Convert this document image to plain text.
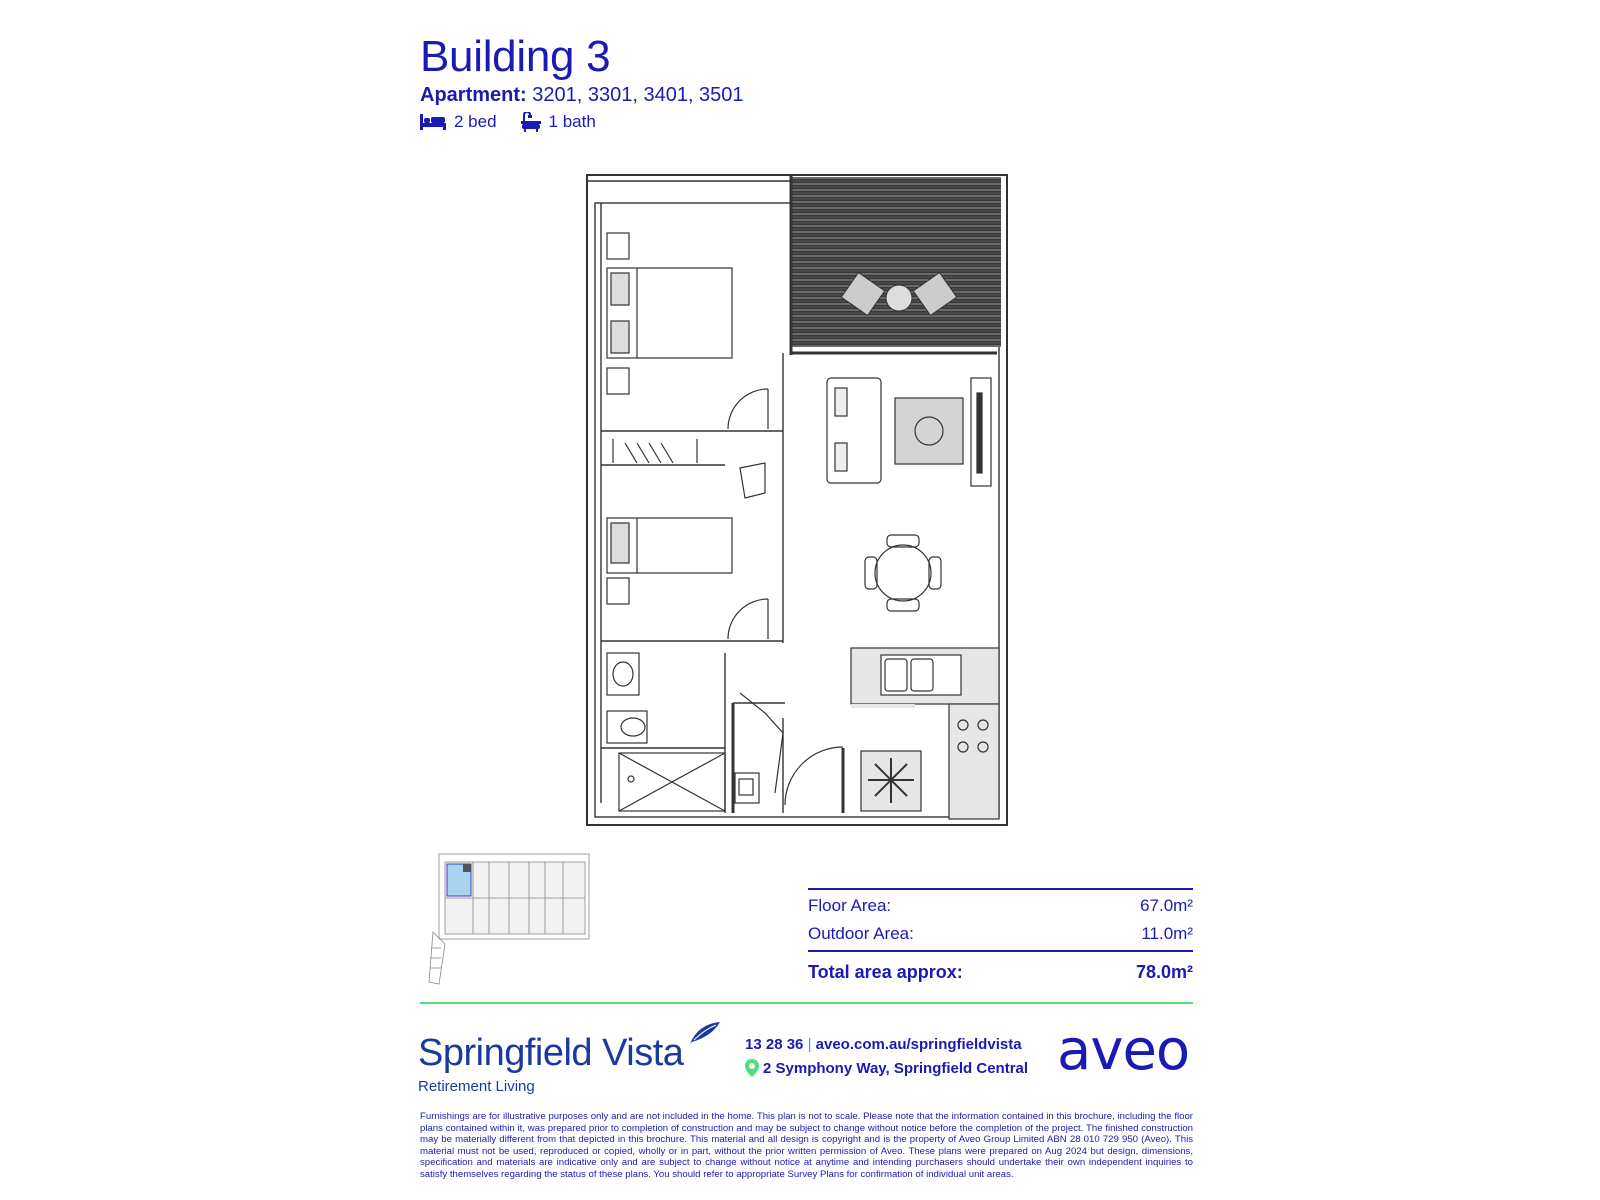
Building 3
Apartment: 3201, 3301, 3401, 3501
2 bed	1 bath
Floor Area:	67.0m²
Outdoor Area:	11.0m²
Total area approx:	78.0m²
Springfield Vista
Retirement Living
13 28 36 | aveo.com.au/springfieldvista
2 Symphony Way, Springfield Central aveo
Furnishings are for illustrative purposes only and are not included in the home. This plan is not to scale. Please note that the information contained in this brochure, including the floor plans contained within it, was prepared prior to completion of construction and may be subject to change without notice before the completion of the project. The finished construction may be materially different from that depicted in this brochure. This material and all design is copyright and is the property of Aveo Group Limited ABN 28 010 729 950 (Aveo). This material must not be used, reproduced or copied, wholly or in part, without the prior written permission of Aveo. These plans were prepared on Aug 2024 but design, dimensions, specification and materials are indicative only and are subject to change without notice at anytime and intending purchasers should undertake their own independent inquiries to satisfy themselves regarding the status of these plans. You should refer to appropriate Survey Plans for confirmation of individual unit areas.
